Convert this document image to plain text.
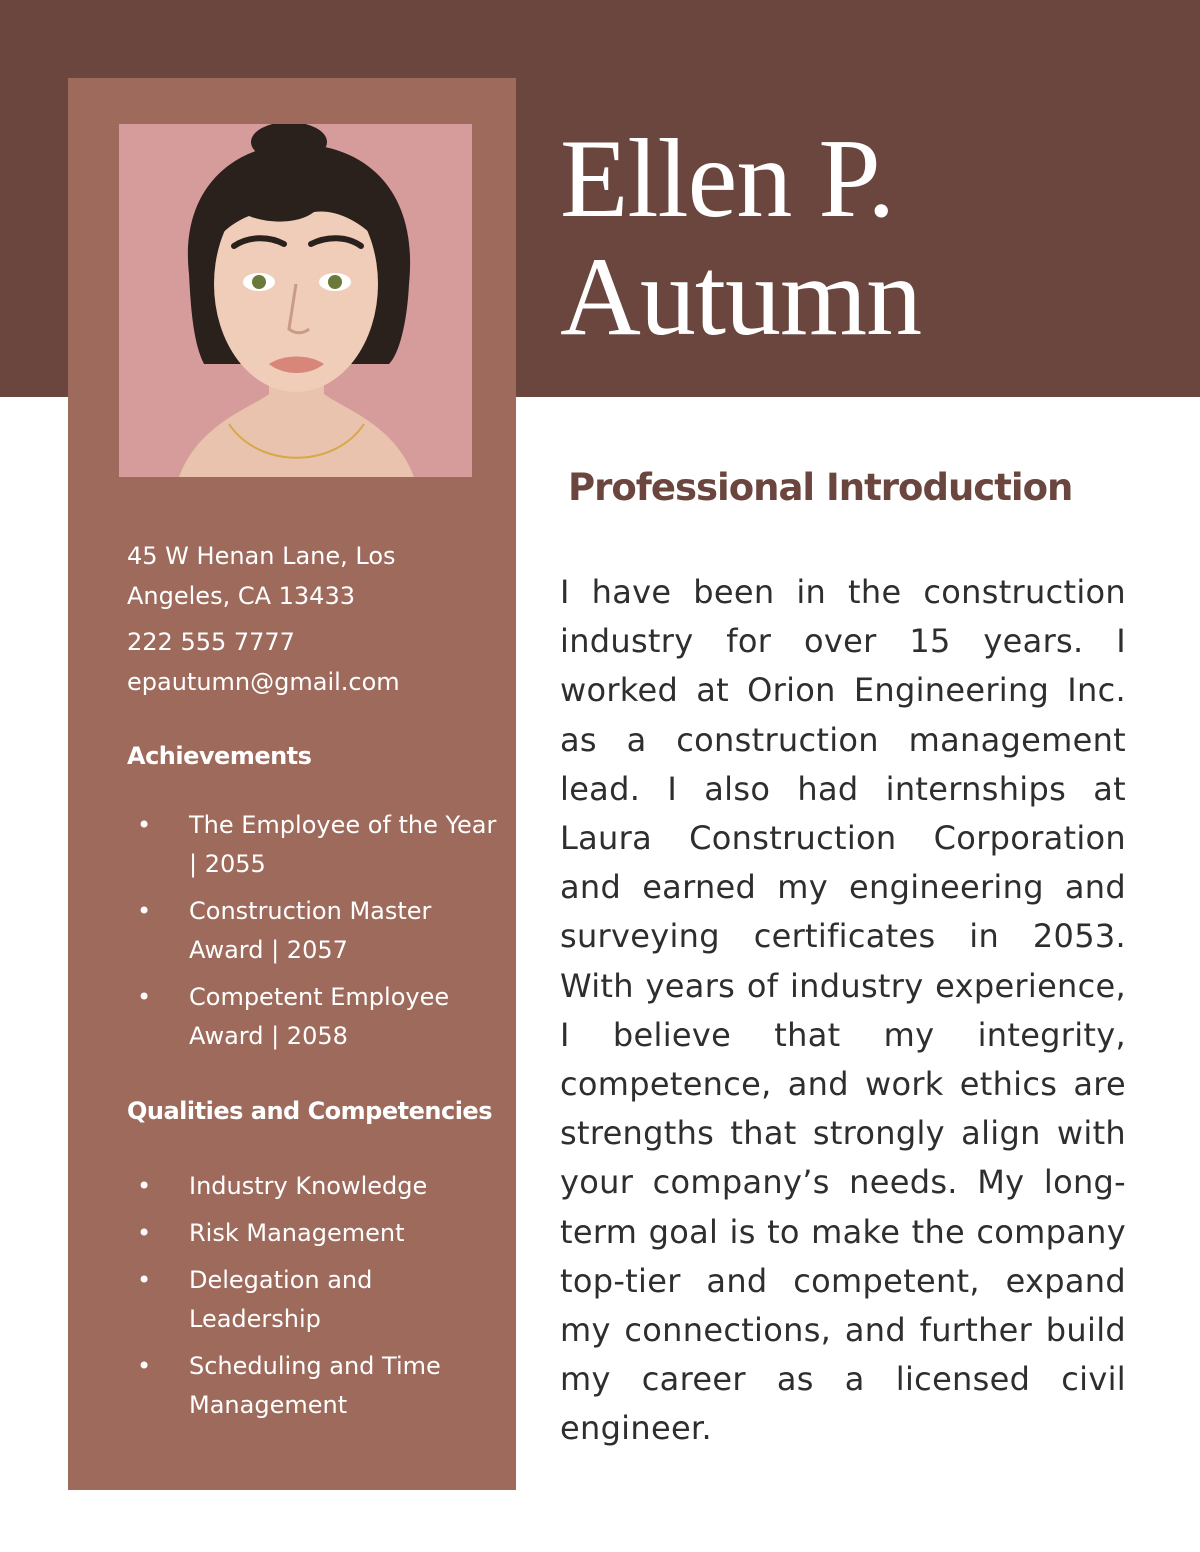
45 W Henan Lane, Los Angeles, CA 13433
222 555 7777
epautumn@gmail.com
Achievements
• The Employee of the Year | 2055
• Construction Master Award | 2057
• Competent Employee Award | 2058
Qualities and Competencies
• Industry Knowledge
• Risk Management
• Delegation and Leadership
• Scheduling and Time Management
Ellen P.
Autumn
Professional Introduction

I have been in the construction industry for over 15 years. I worked at Orion Engineering Inc. as a construction management lead. I also had internships at Laura Construction Corporation and earned my engineering and surveying certificates in 2053. With years of industry experience, I believe that my integrity, competence, and work ethics are strengths that strongly align with your company’s needs. My long-term goal is to make the company top-tier and competent, expand my connections, and further build my career as a licensed civil engineer.
